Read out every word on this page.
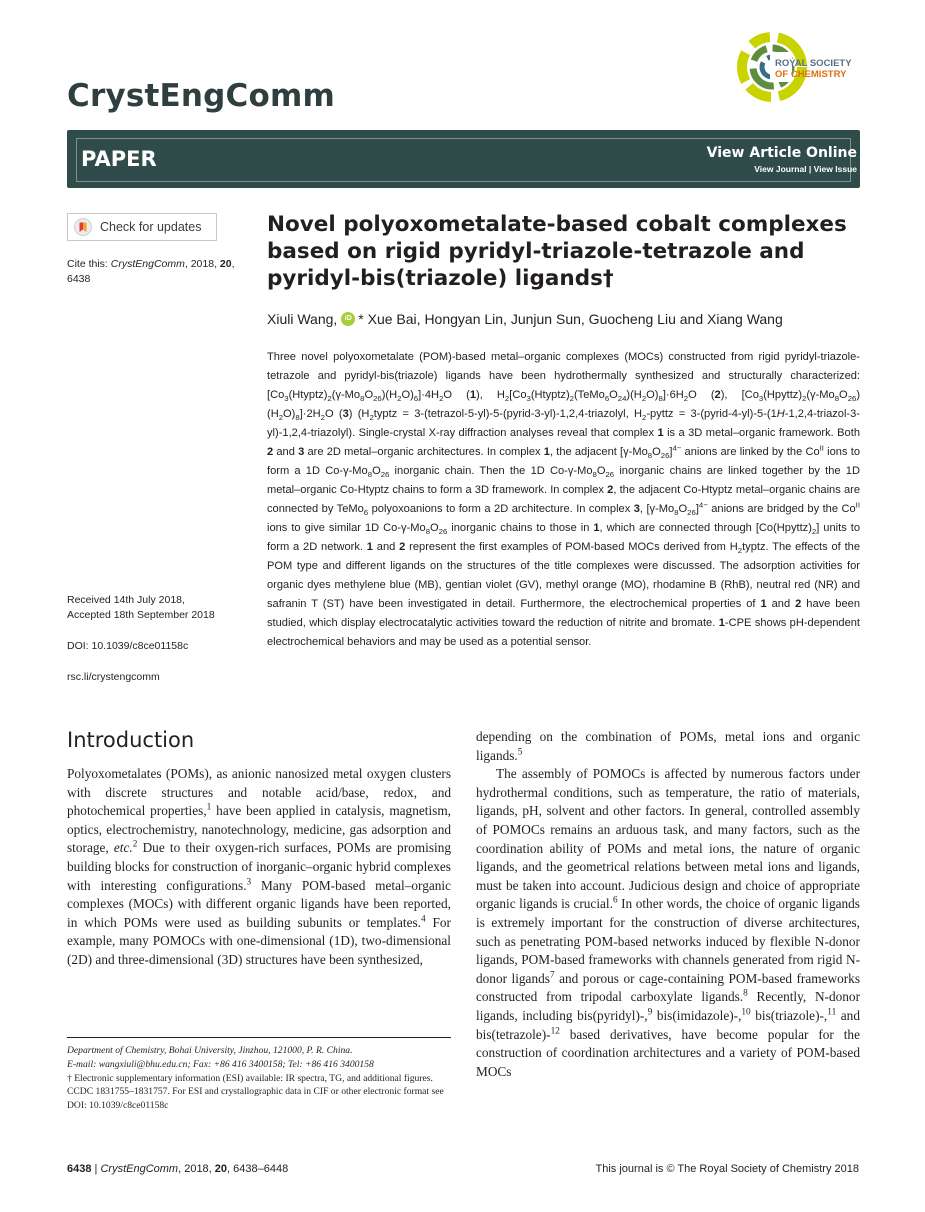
CrystEngComm
ROYAL SOCIETY
OF CHEMISTRY
PAPER	View Article Online
View Journal | View Issue
Check for updates
Cite this: CrystEngComm, 2018, 20,
6438
Received 14th July 2018,
Accepted 18th September 2018
DOI: 10.1039/c8ce01158c
rsc.li/crystengcomm
Novel polyoxometalate-based cobalt complexes based on rigid pyridyl-triazole-tetrazole and pyridyl-bis(triazole) ligands†
Xiuli Wang,	iD * Xue Bai, Hongyan Lin, Junjun Sun, Guocheng Liu and Xiang Wang
Three novel polyoxometalate (POM)-based metal–organic complexes (MOCs) constructed from rigid pyridyl-triazole-tetrazole and pyridyl-bis(triazole) ligands have been hydrothermally synthesized and structurally characterized: $[Co_3(Htyptz)_2(\gamma-Mo_8O_{26})(H_2O)_6]\cdot 4H_2O$ (1), $H_2[Co_3(Htyptz)_2(TeMo_6O_{24})(H_2O)_8]\cdot 6H_2O$ (2), $[Co_3(Hpyttz)_2(\gamma-Mo_8O_{26})(H_2O)_8]\cdot 2H_2O$ (3) ($H_2typtz$ = 3-(tetrazol-5-yl)-5-(pyrid-3-yl)-1,2,4-triazolyl, $H_2$-pyttz = 3-(pyrid-4-yl)-5-(1H-1,2,4-triazol-3-yl)-1,2,4-triazolyl). Single-crystal X-ray diffraction analyses reveal that complex 1 is a 3D metal–organic framework. Both 2 and 3 are 2D metal–organic architectures. In complex 1, the adjacent $[\gamma-Mo_8O_{26}]^{4-}$ anions are linked by the $Co^{II}$ ions to form a 1D $Co-\gamma-Mo_8O_{26}$ inorganic chain. Then the 1D $Co-\gamma-Mo_8O_{26}$ inorganic chains are linked together by the 1D metal–organic Co-Htyptz chains to form a 3D framework. In complex 2, the adjacent Co-Htyptz metal–organic chains are connected by TeMo$_6$ polyoxoanions to form a 2D architecture. In complex 3, $[\gamma-Mo_8O_{26}]^{4-}$ anions are bridged by the $Co^{II}$ ions to give similar 1D $Co-\gamma-Mo_8O_{26}$ inorganic chains to those in 1, which are connected through $[Co(Hpyttz)_2]$ units to form a 2D network. 1 and 2 represent the first examples of POM-based MOCs derived from $H_2typtz$. The effects of the POM type and different ligands on the structures of the title complexes were discussed. The adsorption activities for organic dyes methylene blue (MB), gentian violet (GV), methyl orange (MO), rhodamine B (RhB), neutral red (NR) and safranin T (ST) have been investigated in detail. Furthermore, the electrochemical properties of 1 and 2 have been studied, which display electrocatalytic activities toward the reduction of nitrite and bromate. 1-CPE shows pH-dependent electrochemical behaviors and may be used as a potential sensor.
Introduction

Polyoxometalates (POMs), as anionic nanosized metal oxygen clusters with discrete structures and notable acid/base, redox, and photochemical properties,$^1$ have been applied in catalysis, magnetism, optics, electrochemistry, nanotechnology, medicine, gas adsorption and storage, etc.$^2$ Due to their oxygen-rich surfaces, POMs are promising building blocks for construction of inorganic–organic hybrid complexes with interesting configurations.$^3$ Many POM-based metal–organic complexes (MOCs) with different organic ligands have been reported, in which POMs were used as building subunits or templates.$^4$ For example, many POMOCs with one-dimensional (1D), two-dimensional (2D) and three-dimensional (3D) structures have been synthesized,

depending on the combination of POMs, metal ions and organic ligands.$^5$

The assembly of POMOCs is affected by numerous factors under hydrothermal conditions, such as temperature, the ratio of materials, ligands, pH, solvent and other factors. In general, controlled assembly of POMOCs remains an arduous task, and many factors, such as the coordination ability of POMs and metal ions, the nature of organic ligands, and the geometrical relations between metal ions and ligands, must be taken into account. Judicious design and choice of appropriate organic ligands is crucial.$^6$ In other words, the choice of organic ligands is extremely important for the construction of diverse architectures, such as penetrating POM-based networks induced by flexible N-donor ligands, POM-based frameworks with channels generated from rigid N-donor ligands$^7$ and porous or cage-containing POM-based frameworks constructed from tripodal carboxylate ligands.$^8$ Recently, N-donor ligands, including bis(pyridyl)-,$^9$ bis(imidazole)-,$^{10}$ bis(triazole)-,$^{11}$ and bis(tetrazole)-$^{12}$ based derivatives, have become popular for the construction of coordination architectures and a variety of POM-based MOCs

Department of Chemistry, Bohai University, Jinzhou, 121000, P. R. China.

E-mail: wangxiuli@bhu.edu.cn; Fax: +86 416 3400158; Tel: +86 416 3400158

† Electronic supplementary information (ESI) available: IR spectra, TG, and additional figures. CCDC 1831755–1831757. For ESI and crystallographic data in CIF or other electronic format see DOI: 10.1039/c8ce01158c

6438 | CrystEngComm, 2018, 20, 6438–6448	This journal is © The Royal Society of Chemistry 2018
